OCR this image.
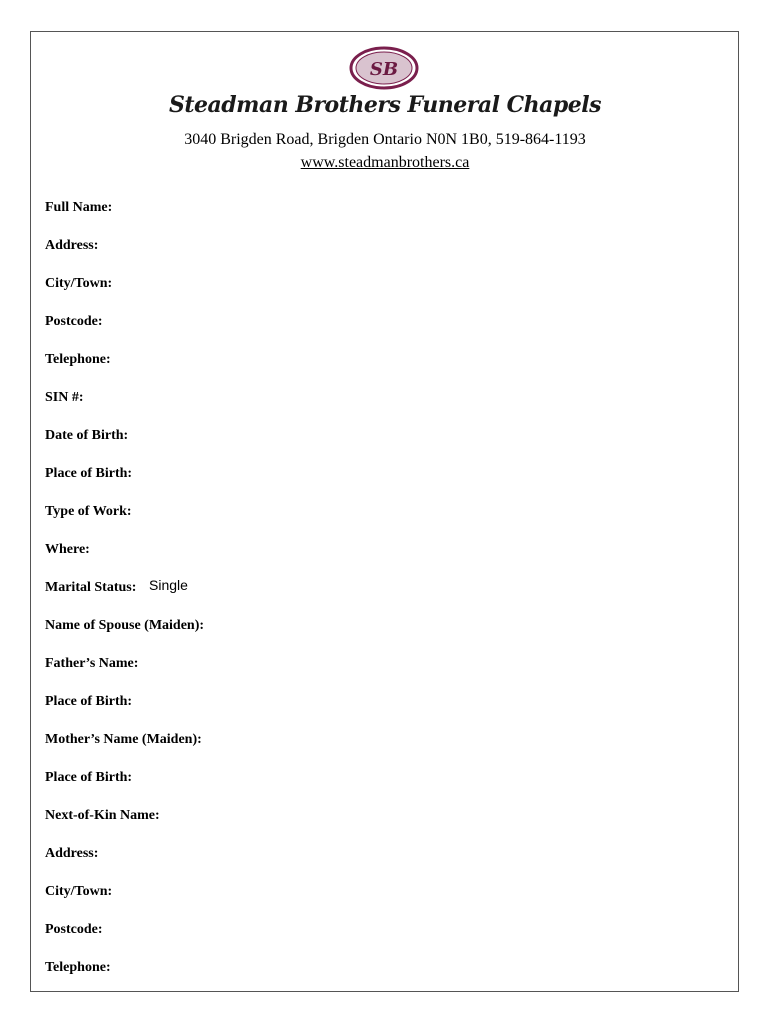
SB
Steadman Brothers Funeral Chapels
3040 Brigden Road, Brigden Ontario N0N 1B0, 519-864-1193
www.steadmanbrothers.ca
Full Name:
Address:
City/Town:
Postcode:
Telephone:
SIN #:
Date of Birth:
Place of Birth:
Type of Work:
Where:
Marital Status: Single
Name of Spouse (Maiden):
Father’s Name:
Place of Birth:
Mother’s Name (Maiden):
Place of Birth:
Next-of-Kin Name:
Address:
City/Town:
Postcode:
Telephone:
